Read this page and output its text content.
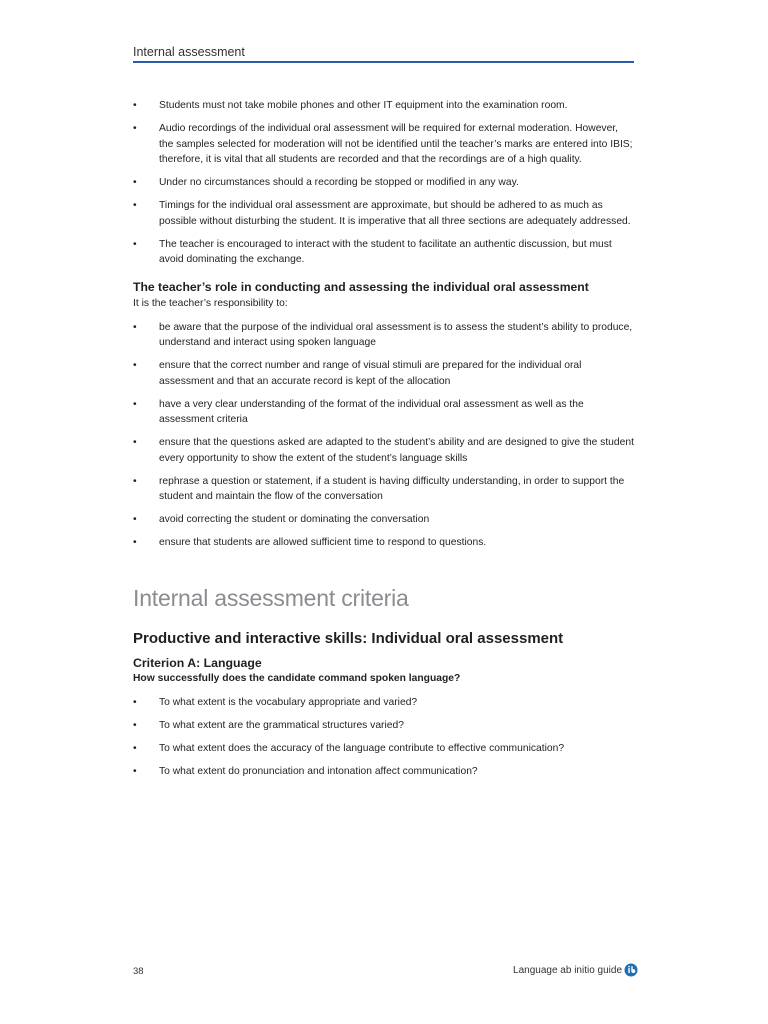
Internal assessment
• Students must not take mobile phones and other IT equipment into the examination room.
• Audio recordings of the individual oral assessment will be required for external moderation. However, the samples selected for moderation will not be identified until the teacher’s marks are entered into IBIS; therefore, it is vital that all students are recorded and that the recordings are of a high quality.
• Under no circumstances should a recording be stopped or modified in any way.
• Timings for the individual oral assessment are approximate, but should be adhered to as much as possible without disturbing the student. It is imperative that all three sections are adequately addressed.
• The teacher is encouraged to interact with the student to facilitate an authentic discussion, but must avoid dominating the exchange.
The teacher’s role in conducting and assessing the individual oral assessment
It is the teacher’s responsibility to:
• be aware that the purpose of the individual oral assessment is to assess the student’s ability to produce, understand and interact using spoken language
• ensure that the correct number and range of visual stimuli are prepared for the individual oral assessment and that an accurate record is kept of the allocation
• have a very clear understanding of the format of the individual oral assessment as well as the assessment criteria
• ensure that the questions asked are adapted to the student’s ability and are designed to give the student every opportunity to show the extent of the student’s language skills
• rephrase a question or statement, if a student is having difficulty understanding, in order to support the student and maintain the flow of the conversation
• avoid correcting the student or dominating the conversation
• ensure that students are allowed sufficient time to respond to questions.
Internal assessment criteria
Productive and interactive skills: Individual oral assessment
Criterion A: Language
How successfully does the candidate command spoken language?
• To what extent is the vocabulary appropriate and varied?
• To what extent are the grammatical structures varied?
• To what extent does the accuracy of the language contribute to effective communication?
• To what extent do pronunciation and intonation affect communication?
38	Language ab initio guide
